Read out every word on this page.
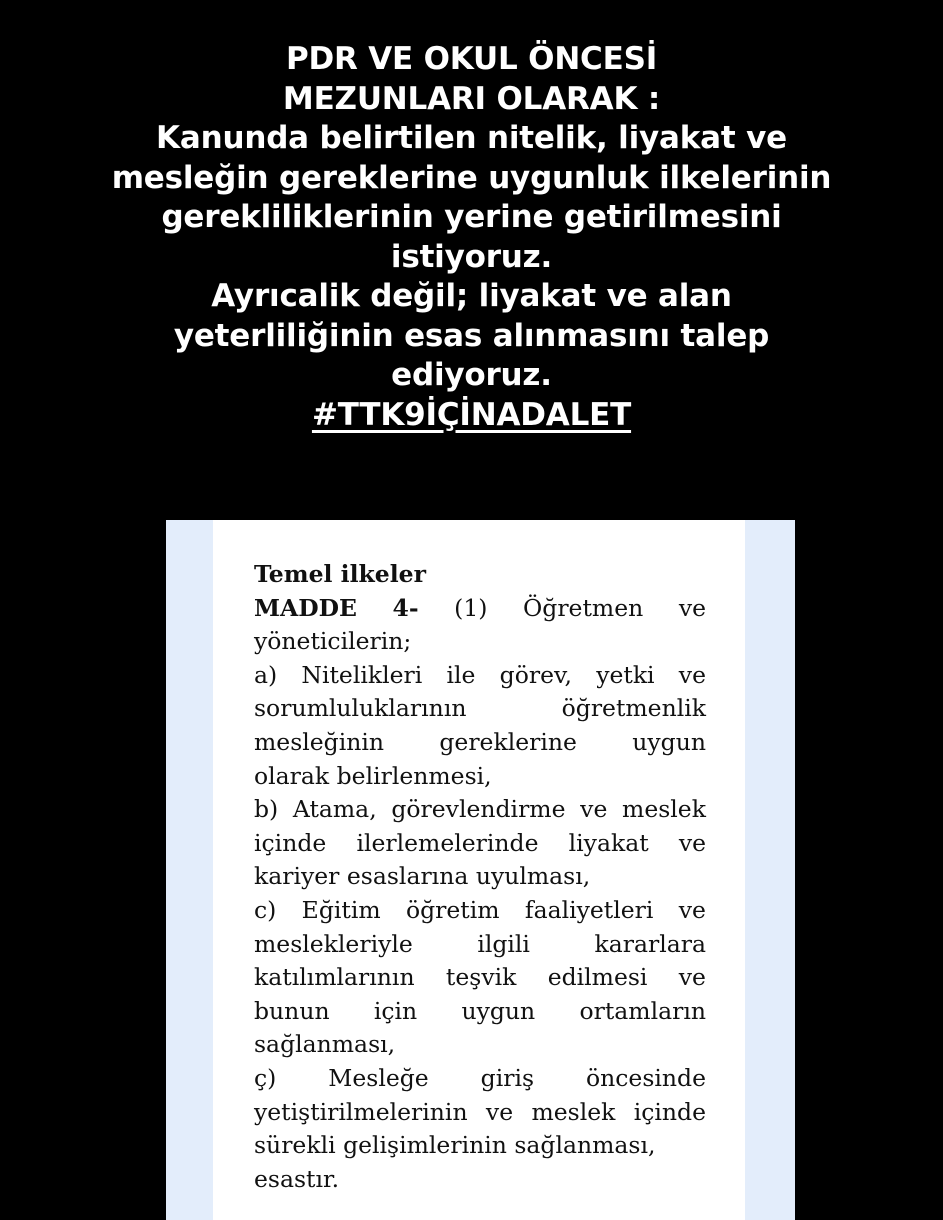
PDR VE OKUL ÖNCESİ
MEZUNLARI OLARAK :
Kanunda belirtilen nitelik, liyakat ve
mesleğin gereklerine uygunluk ilkelerinin
gerekliliklerinin yerine getirilmesini
istiyoruz.
Ayrıcalik değil; liyakat ve alan
yeterliliğinin esas alınmasını talep
ediyoruz.
#TTK9İÇİNADALET
Temel ilkeler
MADDE 4- (1) Öğretmen ve
yöneticilerin;
a) Nitelikleri ile görev, yetki ve
sorumluluklarının	öğretmenlik
mesleğinin gereklerine uygun
olarak belirlenmesi,
b) Atama, görevlendirme ve meslek
içinde ilerlemelerinde liyakat ve
kariyer esaslarına uyulması,
c) Eğitim öğretim faaliyetleri ve
meslekleriyle	ilgili	kararlara
katılımlarının teşvik edilmesi ve
bunun için uygun ortamların
sağlanması,
ç) Mesleğe giriş öncesinde
yetiştirilmelerinin ve meslek içinde
sürekli gelişimlerinin sağlanması,
esastır.
